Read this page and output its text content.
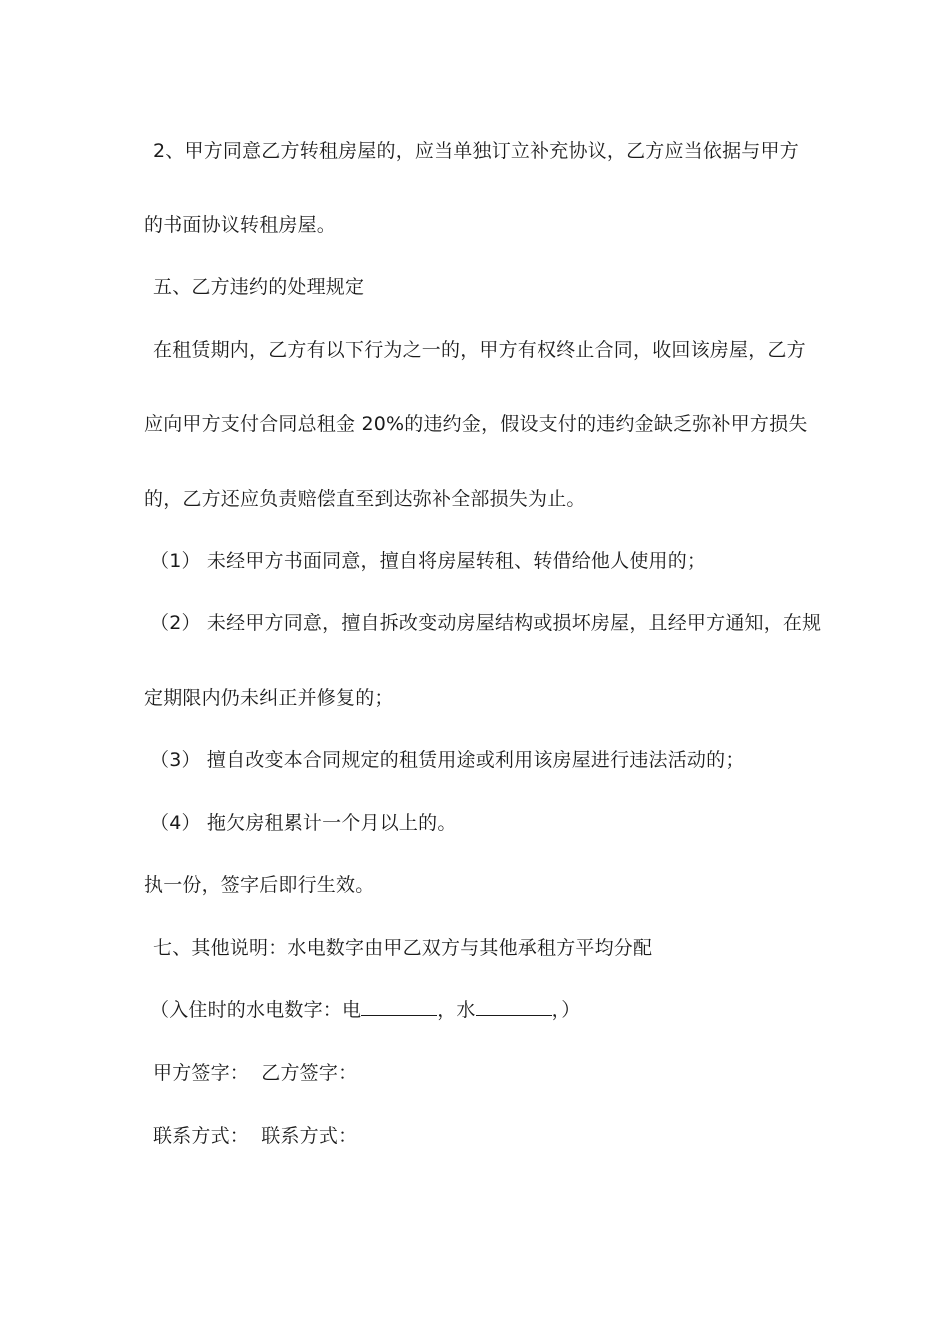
2、甲方同意乙方转租房屋的，应当单独订立补充协议，乙方应当依据与甲方
的书面协议转租房屋。
五、乙方违约的处理规定
在租赁期内，乙方有以下行为之一的，甲方有权终止合同，收回该房屋，乙方
应向甲方支付合同总租金 20%的违约金，假设支付的违约金缺乏弥补甲方损失
的，乙方还应负责赔偿直至到达弥补全部损失为止。
（1） 未经甲方书面同意，擅自将房屋转租、转借给他人使用的；
（2） 未经甲方同意，擅自拆改变动房屋结构或损坏房屋，且经甲方通知，在规
定期限内仍未纠正并修复的；
（3） 擅自改变本合同规定的租赁用途或利用该房屋进行违法活动的；
（4） 拖欠房租累计一个月以上的。
执一份，签字后即行生效。
七、其他说明：水电数字由甲乙双方与其他承租方平均分配
（入住时的水电数字：电	，水	，）
甲方签字： 乙方签字：
联系方式： 联系方式：
